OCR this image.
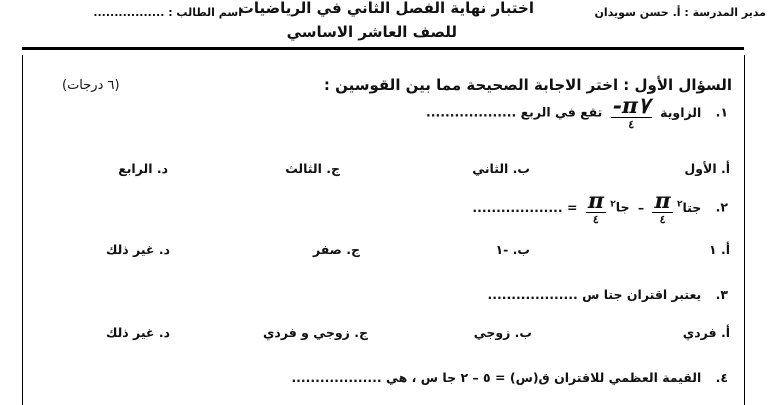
مدير المدرسة : أ. حسن سويدان
اختبار نهاية الفصل الثاني في الرياضيات
للصف العاشر الاساسي
اسم الطالب : .................
السؤال الأول : اختر الاجابة الصحيحة مما بين القوسين :
(٦ درجات)
١. الزاوية
$\frac{\pi ٧-}{٤}$
تقع في الربع ...................
أ. الأول
ب. الثاني
ج. الثالث
د. الرابع
٢. جتا$^٢$
$\frac{\pi}{٤}$
– جا$^٢$
$\frac{\pi}{٤}$
= ...................
أ. ١
ب. -١
ج. صفر
د. غير ذلك
٣. يعتبر اقتران جتا س ...................
أ. فردي
ب. زوجي
ج. زوجي و فردي
د. غير ذلك
٤. القيمة العظمي للاقتران ق(س) = ٥ – ٢ جا س ، هي ...................
